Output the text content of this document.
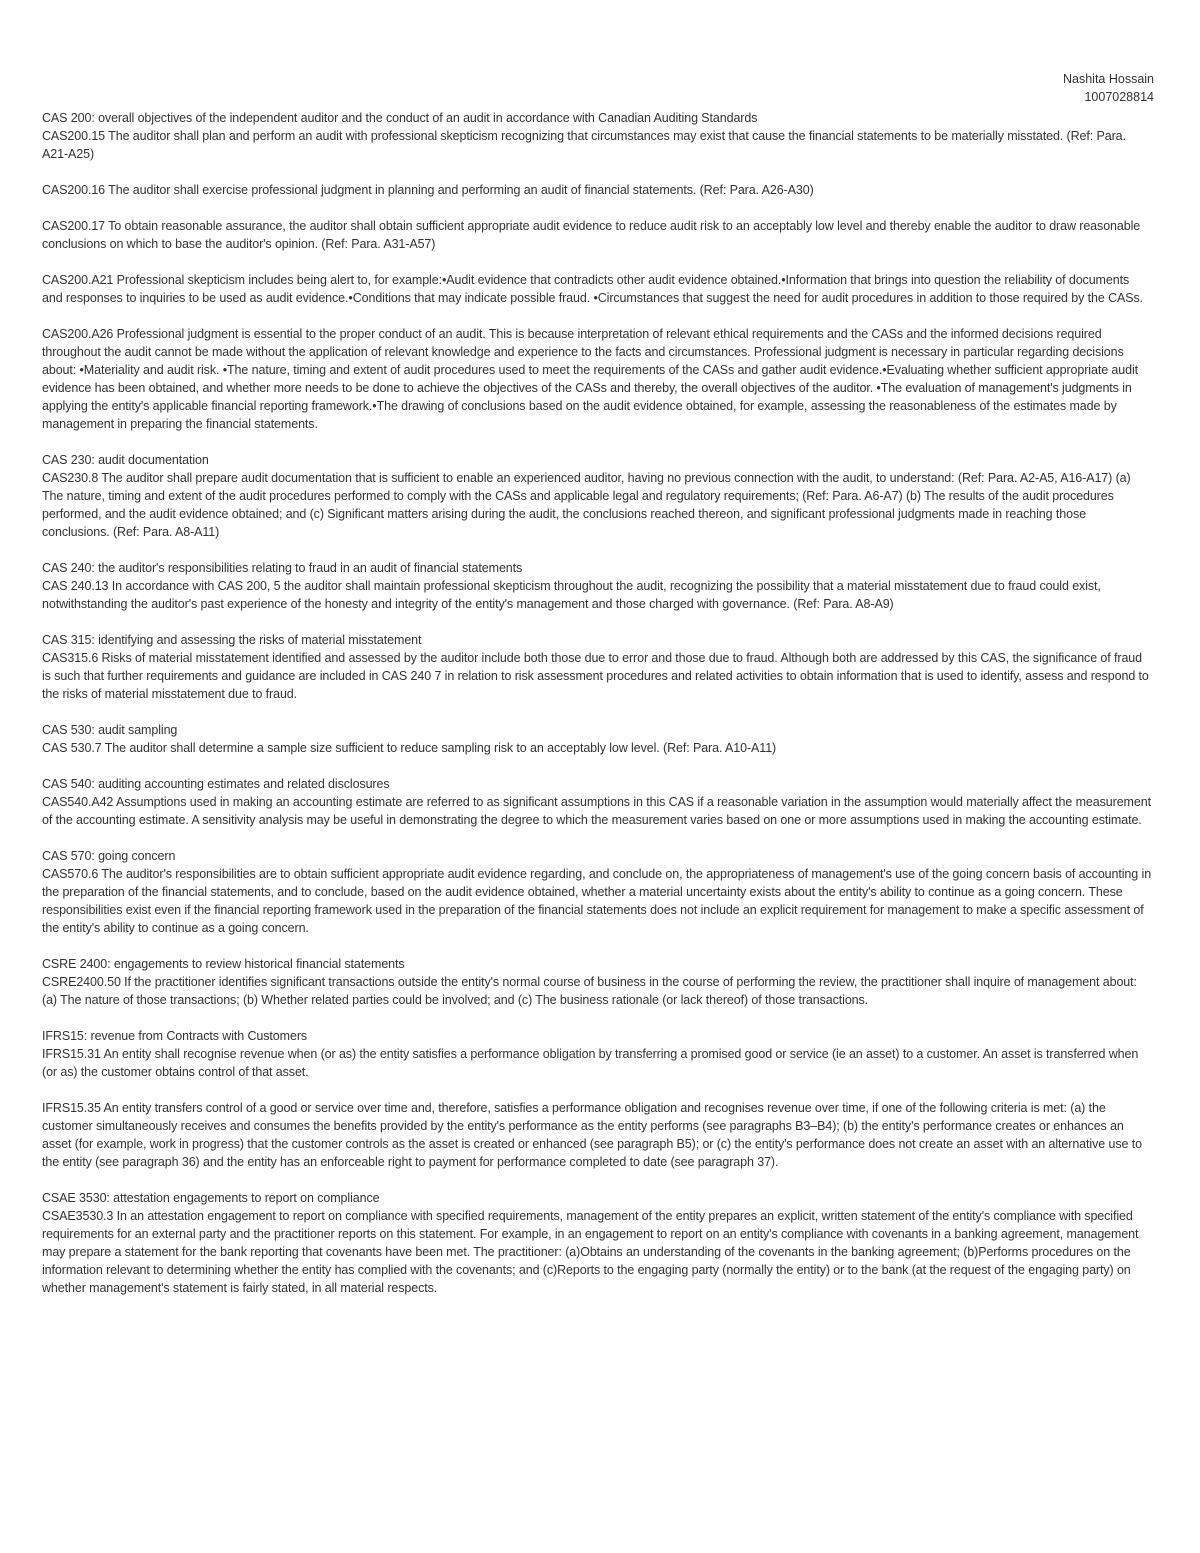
Nashita Hossain
1007028814
CAS 200: overall objectives of the independent auditor and the conduct of an audit in accordance with Canadian Auditing Standards
CAS200.15 The auditor shall plan and perform an audit with professional skepticism recognizing that circumstances may exist that cause the financial statements to be materially misstated. (Ref: Para. A21-A25)
CAS200.16 The auditor shall exercise professional judgment in planning and performing an audit of financial statements. (Ref: Para. A26-A30)
CAS200.17 To obtain reasonable assurance, the auditor shall obtain sufficient appropriate audit evidence to reduce audit risk to an acceptably low level and thereby enable the auditor to draw reasonable conclusions on which to base the auditor's opinion. (Ref: Para. A31-A57)
CAS200.A21 Professional skepticism includes being alert to, for example:•Audit evidence that contradicts other audit evidence obtained.•Information that brings into question the reliability of documents and responses to inquiries to be used as audit evidence.•Conditions that may indicate possible fraud. •Circumstances that suggest the need for audit procedures in addition to those required by the CASs.
CAS200.A26 Professional judgment is essential to the proper conduct of an audit. This is because interpretation of relevant ethical requirements and the CASs and the informed decisions required throughout the audit cannot be made without the application of relevant knowledge and experience to the facts and circumstances. Professional judgment is necessary in particular regarding decisions about: •Materiality and audit risk. •The nature, timing and extent of audit procedures used to meet the requirements of the CASs and gather audit evidence.•Evaluating whether sufficient appropriate audit evidence has been obtained, and whether more needs to be done to achieve the objectives of the CASs and thereby, the overall objectives of the auditor. •The evaluation of management's judgments in applying the entity's applicable financial reporting framework.•The drawing of conclusions based on the audit evidence obtained, for example, assessing the reasonableness of the estimates made by management in preparing the financial statements.
CAS 230: audit documentation
CAS230.8 The auditor shall prepare audit documentation that is sufficient to enable an experienced auditor, having no previous connection with the audit, to understand: (Ref: Para. A2-A5, A16-A17) (a) The nature, timing and extent of the audit procedures performed to comply with the CASs and applicable legal and regulatory requirements; (Ref: Para. A6-A7) (b) The results of the audit procedures performed, and the audit evidence obtained; and (c) Significant matters arising during the audit, the conclusions reached thereon, and significant professional judgments made in reaching those conclusions. (Ref: Para. A8-A11)
CAS 240: the auditor's responsibilities relating to fraud in an audit of financial statements
CAS 240.13 In accordance with CAS 200, 5 the auditor shall maintain professional skepticism throughout the audit, recognizing the possibility that a material misstatement due to fraud could exist, notwithstanding the auditor's past experience of the honesty and integrity of the entity's management and those charged with governance. (Ref: Para. A8-A9)
CAS 315: identifying and assessing the risks of material misstatement
CAS315.6 Risks of material misstatement identified and assessed by the auditor include both those due to error and those due to fraud. Although both are addressed by this CAS, the significance of fraud is such that further requirements and guidance are included in CAS 240 7 in relation to risk assessment procedures and related activities to obtain information that is used to identify, assess and respond to the risks of material misstatement due to fraud.
CAS 530: audit sampling
CAS 530.7 The auditor shall determine a sample size sufficient to reduce sampling risk to an acceptably low level. (Ref: Para. A10-A11)
CAS 540: auditing accounting estimates and related disclosures
CAS540.A42 Assumptions used in making an accounting estimate are referred to as significant assumptions in this CAS if a reasonable variation in the assumption would materially affect the measurement of the accounting estimate. A sensitivity analysis may be useful in demonstrating the degree to which the measurement varies based on one or more assumptions used in making the accounting estimate.
CAS 570: going concern
CAS570.6 The auditor's responsibilities are to obtain sufficient appropriate audit evidence regarding, and conclude on, the appropriateness of management's use of the going concern basis of accounting in the preparation of the financial statements, and to conclude, based on the audit evidence obtained, whether a material uncertainty exists about the entity's ability to continue as a going concern. These responsibilities exist even if the financial reporting framework used in the preparation of the financial statements does not include an explicit requirement for management to make a specific assessment of the entity's ability to continue as a going concern.
CSRE 2400: engagements to review historical financial statements
CSRE2400.50 If the practitioner identifies significant transactions outside the entity's normal course of business in the course of performing the review, the practitioner shall inquire of management about: (a) The nature of those transactions; (b) Whether related parties could be involved; and (c) The business rationale (or lack thereof) of those transactions.
IFRS15: revenue from Contracts with Customers
IFRS15.31 An entity shall recognise revenue when (or as) the entity satisfies a performance obligation by transferring a promised good or service (ie an asset) to a customer. An asset is transferred when (or as) the customer obtains control of that asset.
IFRS15.35 An entity transfers control of a good or service over time and, therefore, satisfies a performance obligation and recognises revenue over time, if one of the following criteria is met: (a) the customer simultaneously receives and consumes the benefits provided by the entity's performance as the entity performs (see paragraphs B3–B4); (b) the entity's performance creates or enhances an asset (for example, work in progress) that the customer controls as the asset is created or enhanced (see paragraph B5); or (c) the entity's performance does not create an asset with an alternative use to the entity (see paragraph 36) and the entity has an enforceable right to payment for performance completed to date (see paragraph 37).
CSAE 3530: attestation engagements to report on compliance
CSAE3530.3 In an attestation engagement to report on compliance with specified requirements, management of the entity prepares an explicit, written statement of the entity's compliance with specified requirements for an external party and the practitioner reports on this statement. For example, in an engagement to report on an entity's compliance with covenants in a banking agreement, management may prepare a statement for the bank reporting that covenants have been met. The practitioner: (a)Obtains an understanding of the covenants in the banking agreement; (b)Performs procedures on the information relevant to determining whether the entity has complied with the covenants; and (c)Reports to the engaging party (normally the entity) or to the bank (at the request of the engaging party) on whether management's statement is fairly stated, in all material respects.
